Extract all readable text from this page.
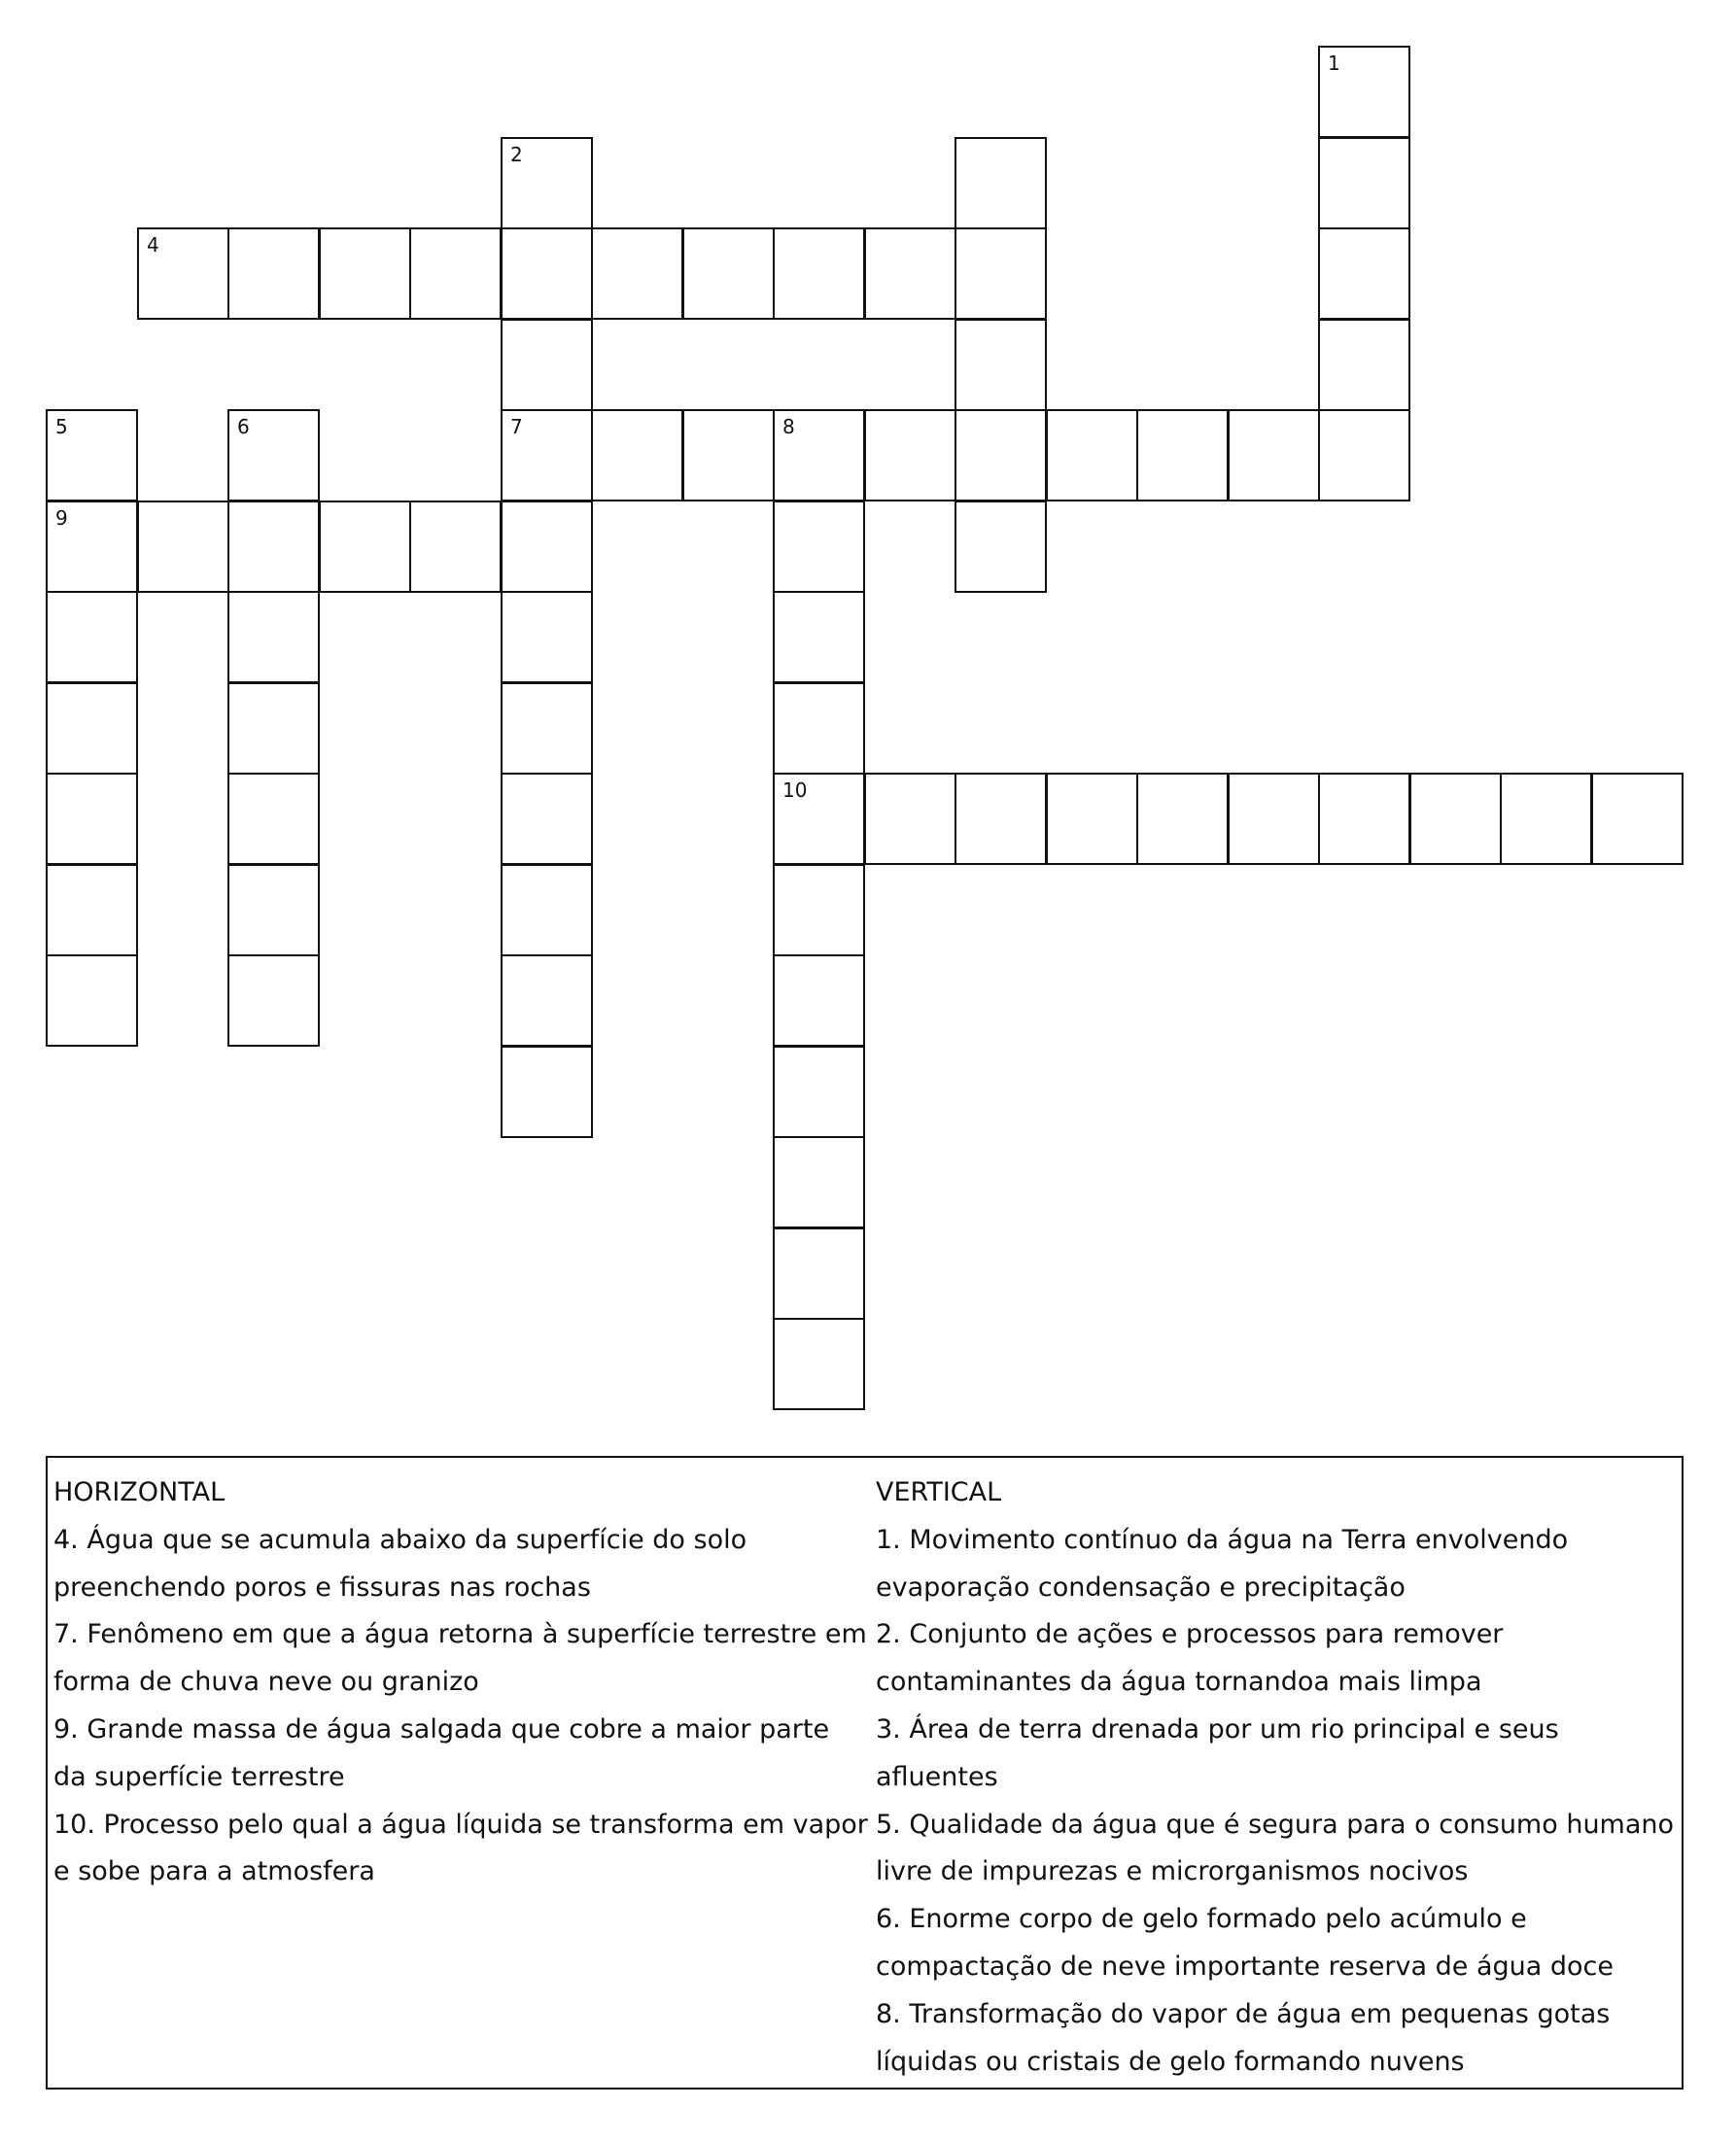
1
2
7
4
5
9
6	8
10

HORIZONTAL

4. Água que se acumula abaixo da superfície do solo preenchendo poros e fissuras nas rochas

7. Fenômeno em que a água retorna à superfície terrestre em forma de chuva neve ou granizo

9. Grande massa de água salgada que cobre a maior parte da superfície terrestre

10. Processo pelo qual a água líquida se transforma em vapor e sobe para a atmosfera

VERTICAL

1. Movimento contínuo da água na Terra envolvendo evaporação condensação e precipitação

2. Conjunto de ações e processos para remover contaminantes da água tornandoa mais limpa

3. Área de terra drenada por um rio principal e seus afluentes

5. Qualidade da água que é segura para o consumo humano livre de impurezas e microrganismos nocivos

6. Enorme corpo de gelo formado pelo acúmulo e compactação de neve importante reserva de água doce

8. Transformação do vapor de água em pequenas gotas líquidas ou cristais de gelo formando nuvens
